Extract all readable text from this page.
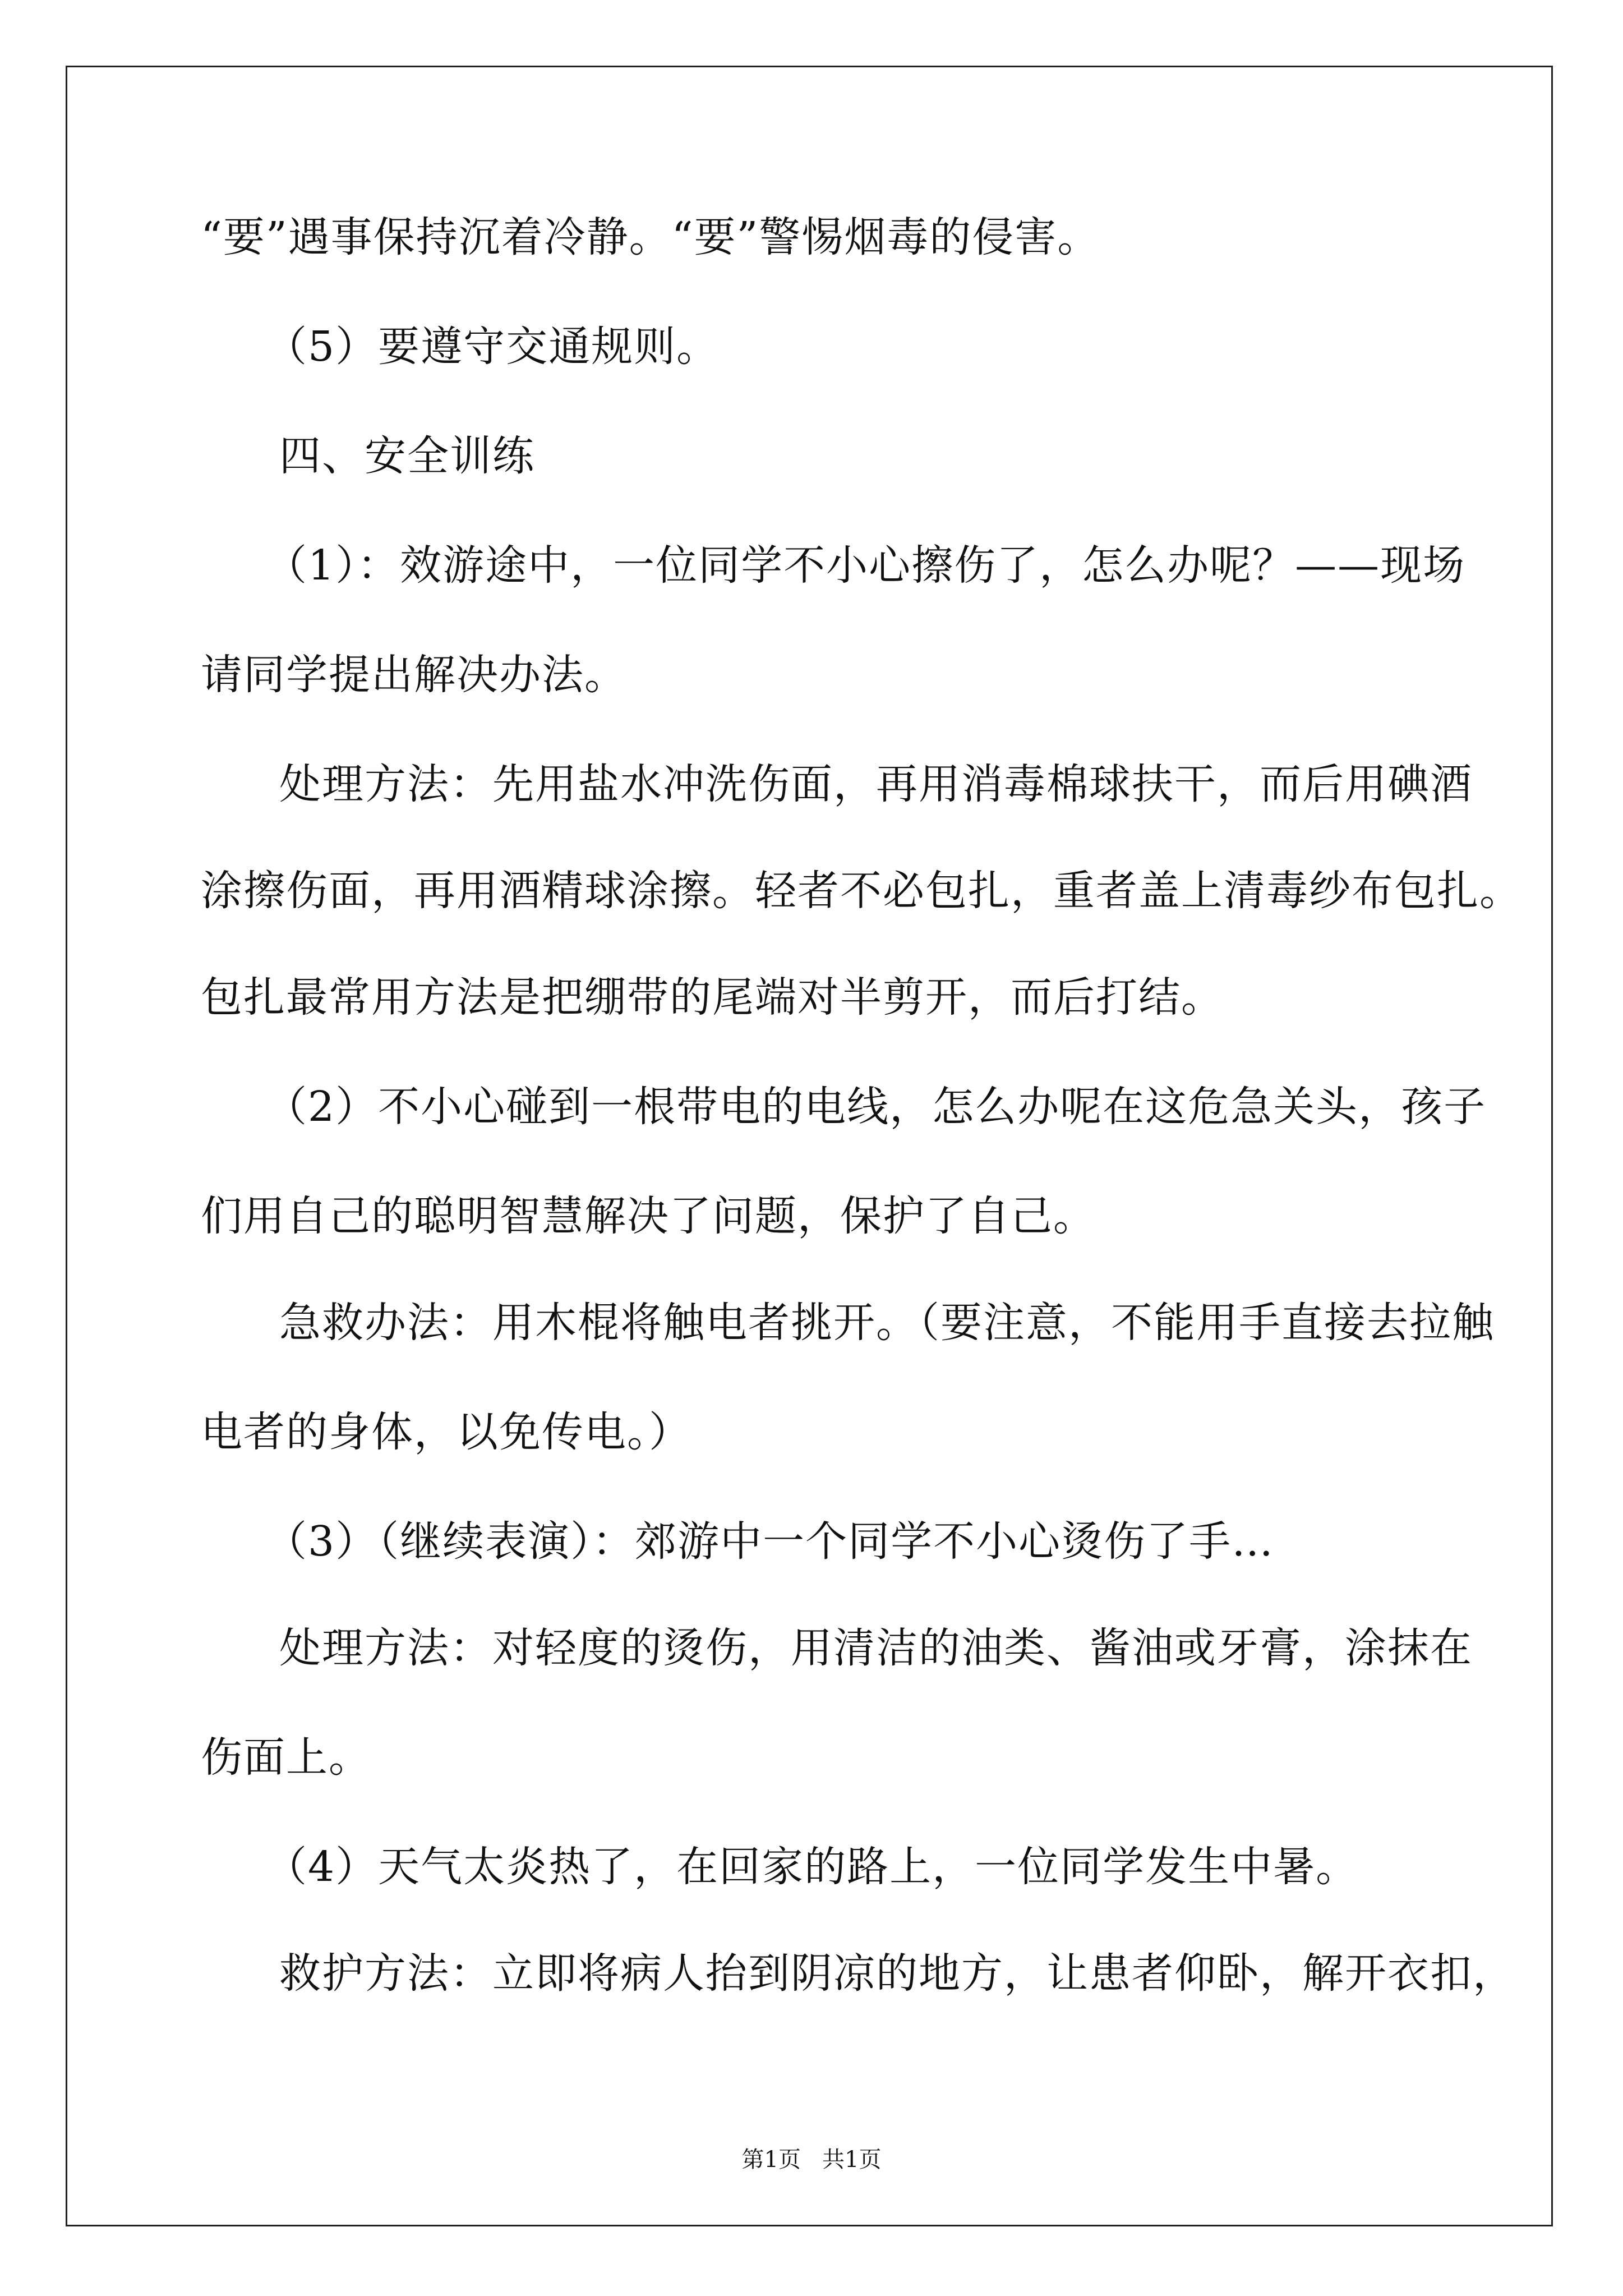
“要”遇事保持沉着冷静。“要”警惕烟毒的侵害。
（5）要遵守交通规则。
四、安全训练
（1）：效游途中，一位同学不小心擦伤了，怎么办呢？——现场
请同学提出解决办法。
处理方法：先用盐水冲洗伤面，再用消毒棉球扶干，而后用碘酒
涂擦伤面，再用酒精球涂擦。轻者不必包扎，重者盖上清毒纱布包扎。
包扎最常用方法是把绷带的尾端对半剪开，而后打结。
（2）不小心碰到一根带电的电线，怎么办呢在这危急关头，孩子
们用自己的聪明智慧解决了问题，保护了自己。
急救办法：用木棍将触电者挑开。（要注意，不能用手直接去拉触
电者的身体，以免传电。）
（3）（继续表演）：郊游中一个同学不小心烫伤了手…
处理方法：对轻度的烫伤，用清洁的油类、酱油或牙膏，涂抹在
伤面上。
（4）天气太炎热了，在回家的路上，一位同学发生中暑。
救护方法：立即将病人抬到阴凉的地方，让患者仰卧，解开衣扣，
第1页 共1页
